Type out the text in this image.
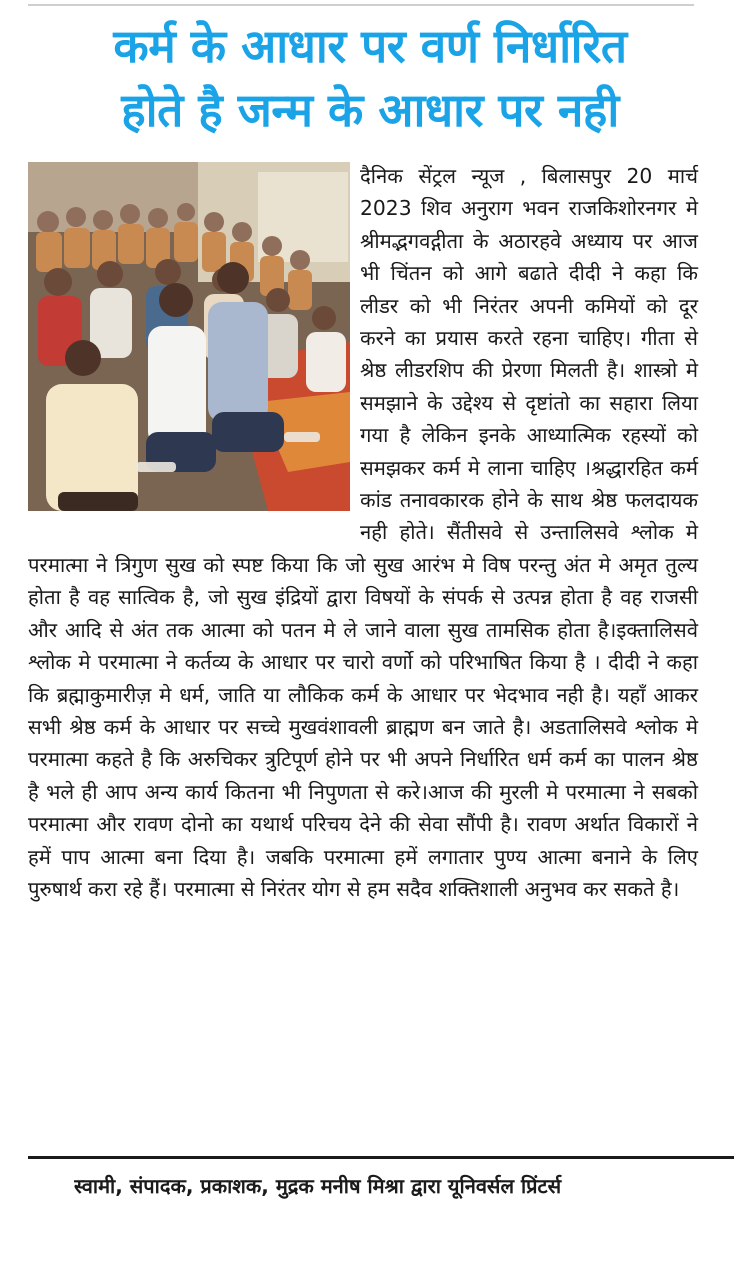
कर्म के आधार पर वर्ण निर्धारित
होते है जन्म के आधार पर नही
दैनिक सेंट्रल न्यूज , बिलासपुर 20 मार्च 2023 शिव अनुराग भवन राजकिशोरनगर मे श्रीमद्भगवद्गीता के अठारहवे अध्याय पर आज भी चिंतन को आगे बढाते दीदी ने कहा कि लीडर को भी निरंतर अपनी कमियों को दूर करने का प्रयास करते रहना चाहिए। गीता से श्रेष्ठ लीडरशिप की प्रेरणा मिलती है। शास्त्रो मे समझाने के उद्देश्य से दृष्टांतो का सहारा लिया गया है लेकिन इनके आध्यात्मिक रहस्यों को समझकर कर्म मे लाना चाहिए ।श्रद्धारहित कर्म कांड तनावकारक होने के साथ श्रेष्ठ फलदायक नही होते। सैंतीसवे से उन्तालिसवे श्लोक मे परमात्मा ने त्रिगुण सुख को स्पष्ट किया कि जो सुख आरंभ मे विष परन्तु अंत मे अमृत तुल्य होता है वह सात्विक है, जो सुख इंद्रियों द्वारा विषयों के संपर्क से उत्पन्न होता है वह राजसी और आदि से अंत तक आत्मा को पतन मे ले जाने वाला सुख तामसिक होता है।इक्तालिसवे श्लोक मे परमात्मा ने कर्तव्य के आधार पर चारो वर्णो को परिभाषित किया है । दीदी ने कहा कि ब्रह्माकुमारीज़ मे धर्म, जाति या लौकिक कर्म के आधार पर भेदभाव नही है। यहाँ आकर सभी श्रेष्ठ कर्म के आधार पर सच्चे मुखवंशावली ब्राह्मण बन जाते है। अडतालिसवे श्लोक मे परमात्मा कहते है कि अरुचिकर त्रुटिपूर्ण होने पर भी अपने निर्धारित धर्म कर्म का पालन श्रेष्ठ है भले ही आप अन्य कार्य कितना भी निपुणता से करे।आज की मुरली मे परमात्मा ने सबको परमात्मा और रावण दोनो का यथार्थ परिचय देने की सेवा सौंपी है। रावण अर्थात विकारों ने हमें पाप आत्मा बना दिया है। जबकि परमात्मा हमें लगातार पुण्य आत्मा बनाने के लिए पुरुषार्थ करा रहे हैं। परमात्मा से निरंतर योग से हम सदैव शक्तिशाली अनुभव कर सकते है।
स्वामी, संपादक, प्रकाशक, मुद्रक मनीष मिश्रा द्वारा यूनिवर्सल प्रिंटर्स
